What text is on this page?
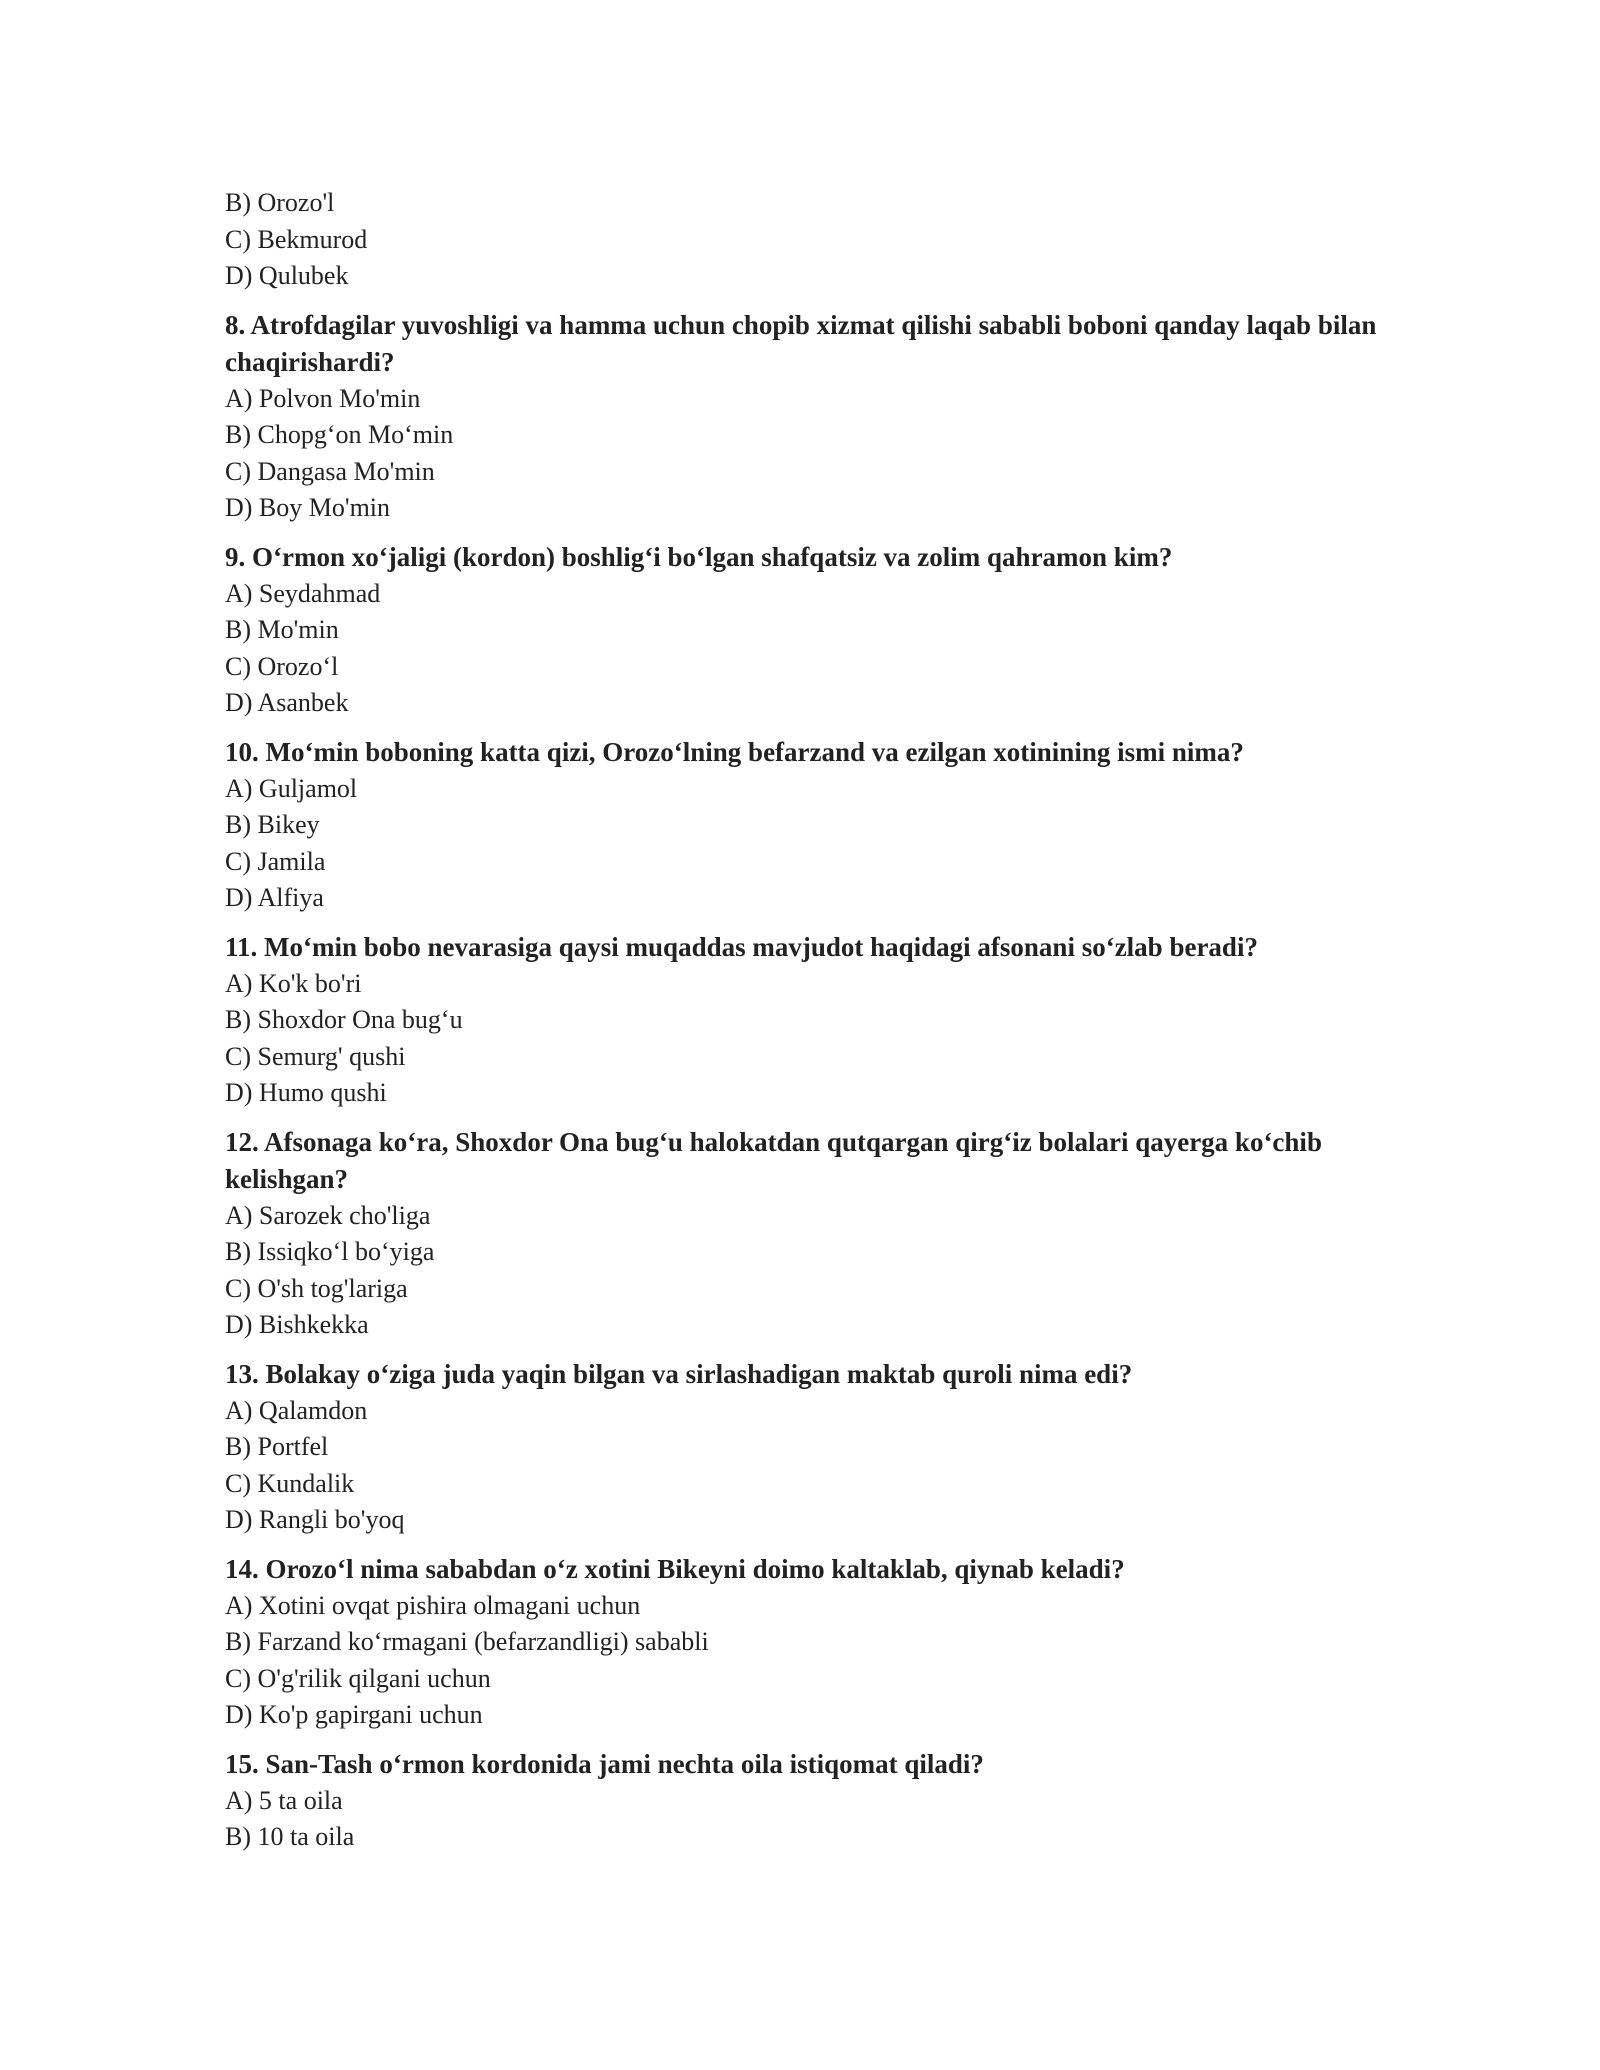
B) Orozo'l

C) Bekmurod

D) Qulubek

8. Atrofdagilar yuvoshligi va hamma uchun chopib xizmat qilishi sababli boboni qanday laqab bilan chaqirishardi?

A) Polvon Mo'min

B) Chopg‘on Mo‘min

C) Dangasa Mo'min

D) Boy Mo'min

9. O‘rmon xo‘jaligi (kordon) boshlig‘i bo‘lgan shafqatsiz va zolim qahramon kim?

A) Seydahmad

B) Mo'min

C) Orozo‘l

D) Asanbek

10. Mo‘min boboning katta qizi, Orozo‘lning befarzand va ezilgan xotinining ismi nima?

A) Guljamol

B) Bikey

C) Jamila

D) Alfiya

11. Mo‘min bobo nevarasiga qaysi muqaddas mavjudot haqidagi afsonani so‘zlab beradi?

A) Ko'k bo'ri

B) Shoxdor Ona bug‘u

C) Semurg' qushi

D) Humo qushi

12. Afsonaga ko‘ra, Shoxdor Ona bug‘u halokatdan qutqargan qirg‘iz bolalari qayerga ko‘chib kelishgan?

A) Sarozek cho'liga

B) Issiqko‘l bo‘yiga

C) O'sh tog'lariga

D) Bishkekka

13. Bolakay o‘ziga juda yaqin bilgan va sirlashadigan maktab quroli nima edi?

A) Qalamdon

B) Portfel

C) Kundalik

D) Rangli bo'yoq

14. Orozo‘l nima sababdan o‘z xotini Bikeyni doimo kaltaklab, qiynab keladi?

A) Xotini ovqat pishira olmagani uchun

B) Farzand ko‘rmagani (befarzandligi) sababli

C) O'g'rilik qilgani uchun

D) Ko'p gapirgani uchun

15. San-Tash o‘rmon kordonida jami nechta oila istiqomat qiladi?

A) 5 ta oila

B) 10 ta oila
